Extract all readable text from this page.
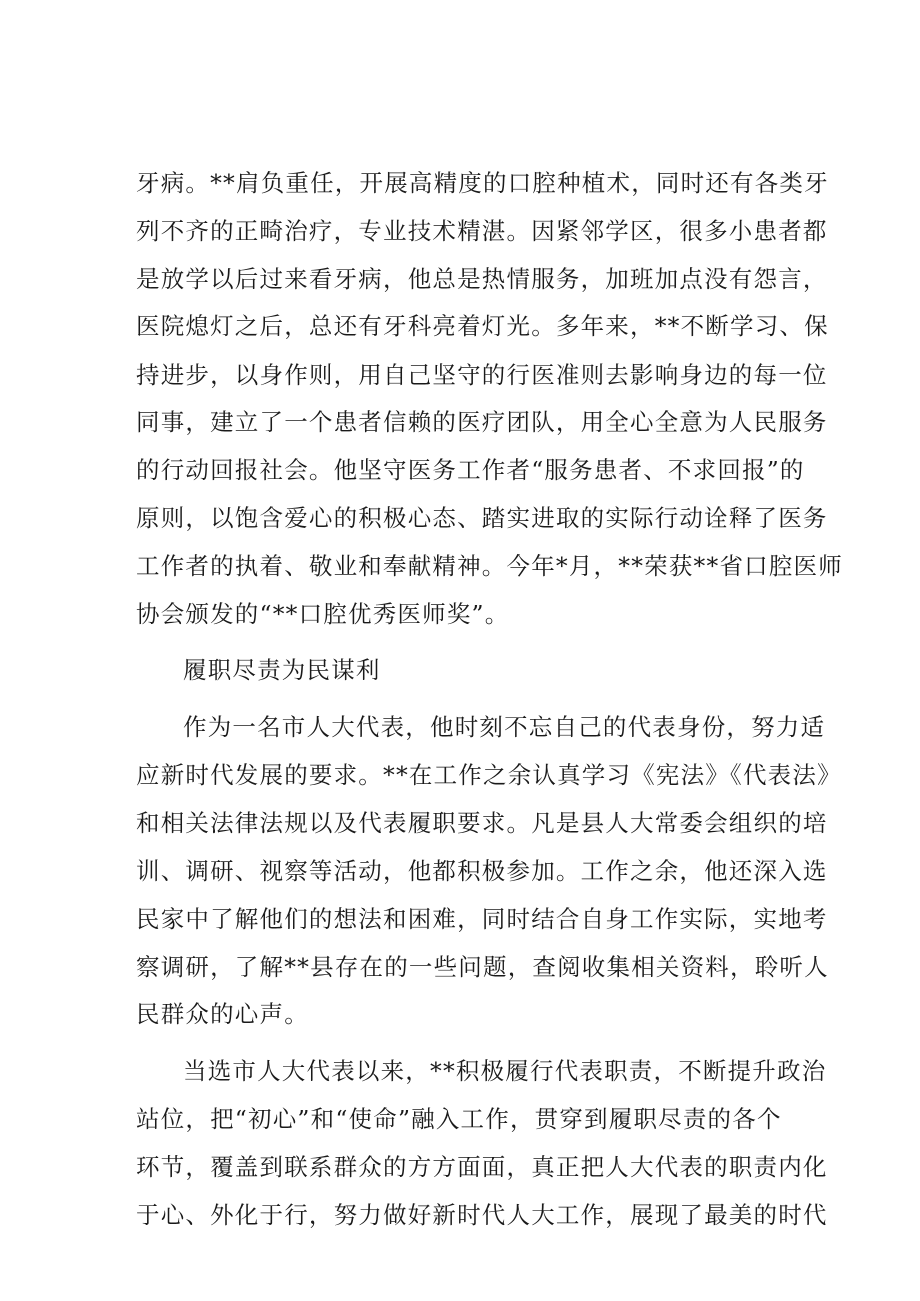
牙病。**肩负重任，开展高精度的口腔种植术，同时还有各类牙
列不齐的正畸治疗，专业技术精湛。因紧邻学区，很多小患者都
是放学以后过来看牙病，他总是热情服务，加班加点没有怨言，
医院熄灯之后，总还有牙科亮着灯光。多年来，**不断学习、保
持进步，以身作则，用自己坚守的行医准则去影响身边的每一位
同事，建立了一个患者信赖的医疗团队，用全心全意为人民服务
的行动回报社会。他坚守医务工作者“服务患者、不求回报”的
原则，以饱含爱心的积极心态、踏实进取的实际行动诠释了医务
工作者的执着、敬业和奉献精神。今年*月，**荣获**省口腔医师
协会颁发的“**口腔优秀医师奖”。
履职尽责为民谋利
作为一名市人大代表，他时刻不忘自己的代表身份，努力适
应新时代发展的要求。**在工作之余认真学习《宪法》《代表法》
和相关法律法规以及代表履职要求。凡是县人大常委会组织的培
训、调研、视察等活动，他都积极参加。工作之余，他还深入选
民家中了解他们的想法和困难，同时结合自身工作实际，实地考
察调研，了解**县存在的一些问题，查阅收集相关资料，聆听人
民群众的心声。
当选市人大代表以来，**积极履行代表职责，不断提升政治
站位，把“初心”和“使命”融入工作，贯穿到履职尽责的各个
环节，覆盖到联系群众的方方面面，真正把人大代表的职责内化
于心、外化于行，努力做好新时代人大工作，展现了最美的时代
